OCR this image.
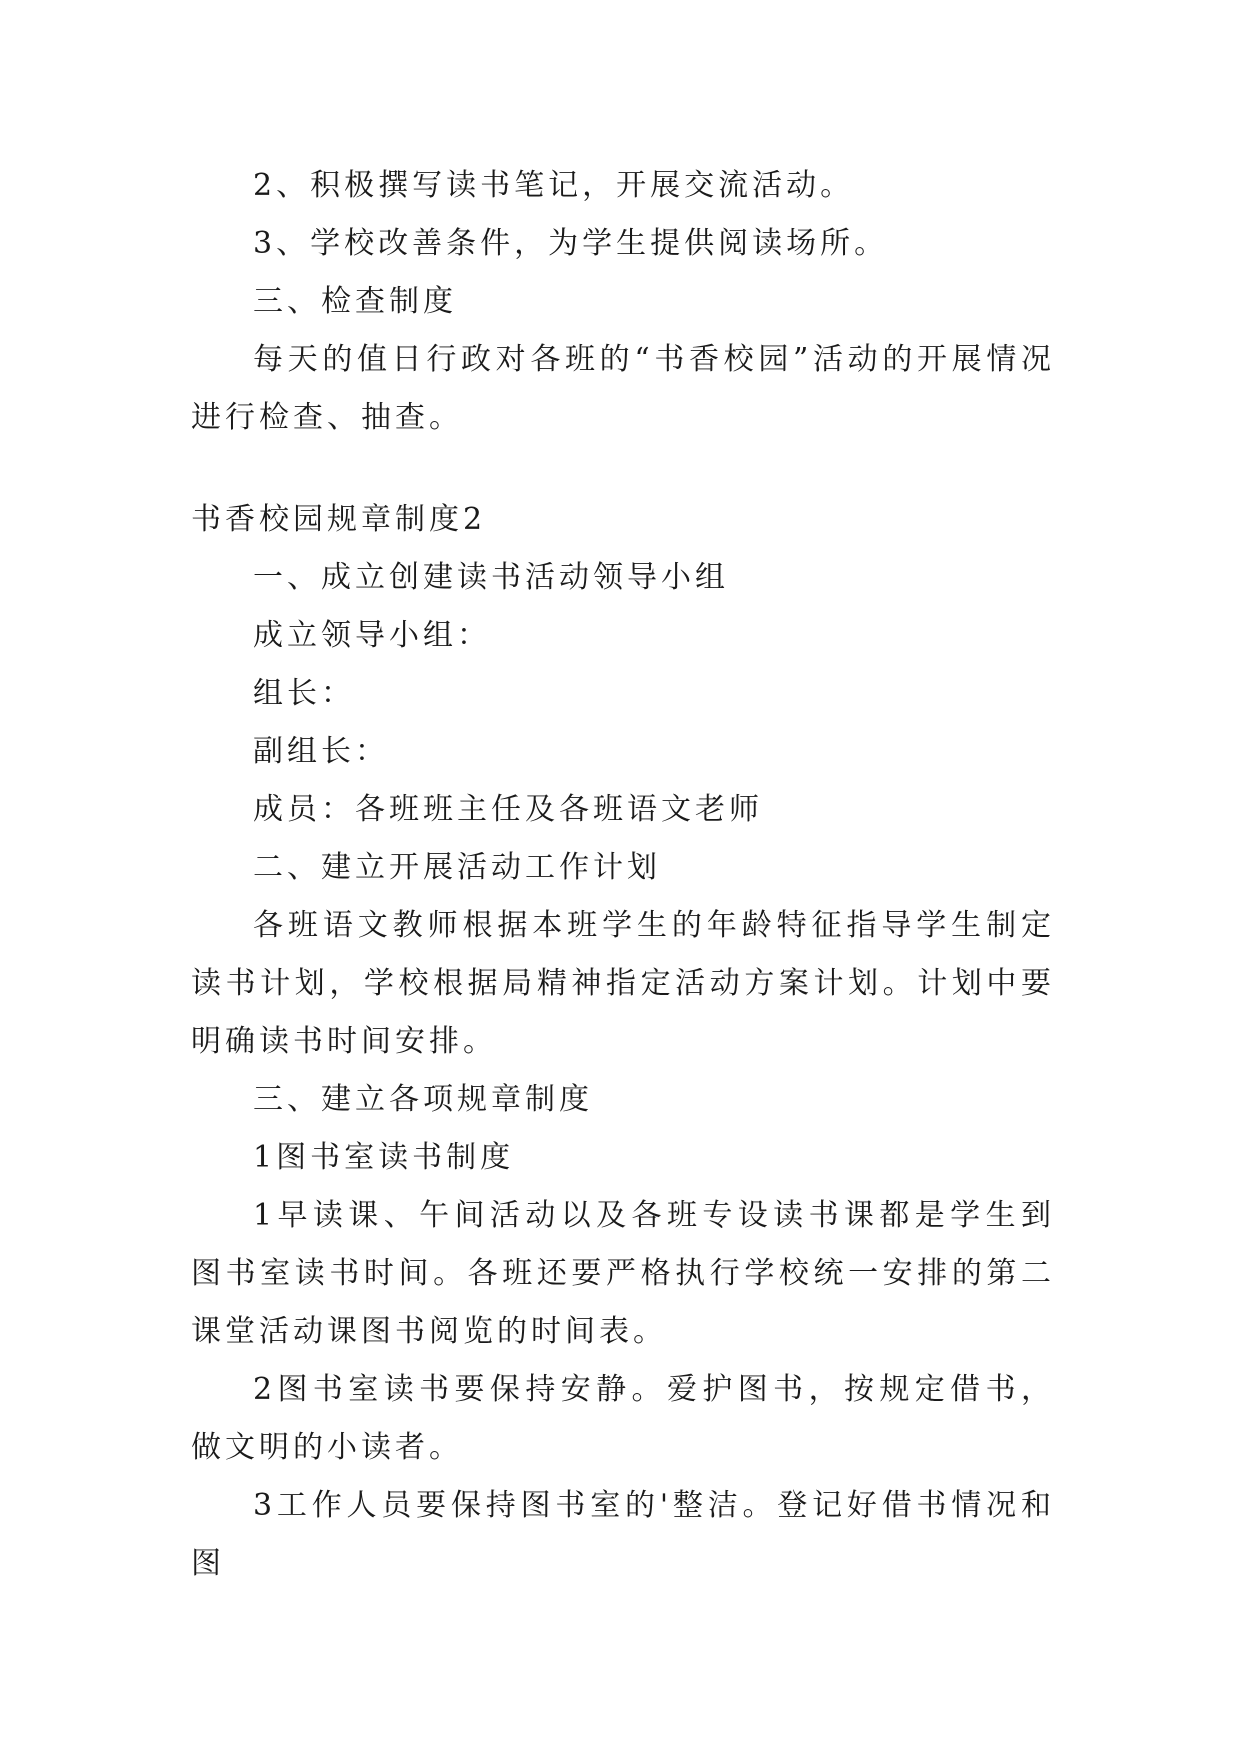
2、积极撰写读书笔记，开展交流活动。

3、学校改善条件，为学生提供阅读场所。

三、检查制度

每天的值日行政对各班的“书香校园”活动的开展情况进行检查、抽查。

书香校园规章制度2

一、成立创建读书活动领导小组

成立领导小组：

组长：

副组长：

成员：各班班主任及各班语文老师

二、建立开展活动工作计划

各班语文教师根据本班学生的年龄特征指导学生制定读书计划，学校根据局精神指定活动方案计划。计划中要明确读书时间安排。

三、建立各项规章制度

1图书室读书制度

1早读课、午间活动以及各班专设读书课都是学生到图书室读书时间。各班还要严格执行学校统一安排的第二课堂活动课图书阅览的时间表。

2图书室读书要保持安静。爱护图书，按规定借书，做文明的小读者。

3工作人员要保持图书室的'整洁。登记好借书情况和图
